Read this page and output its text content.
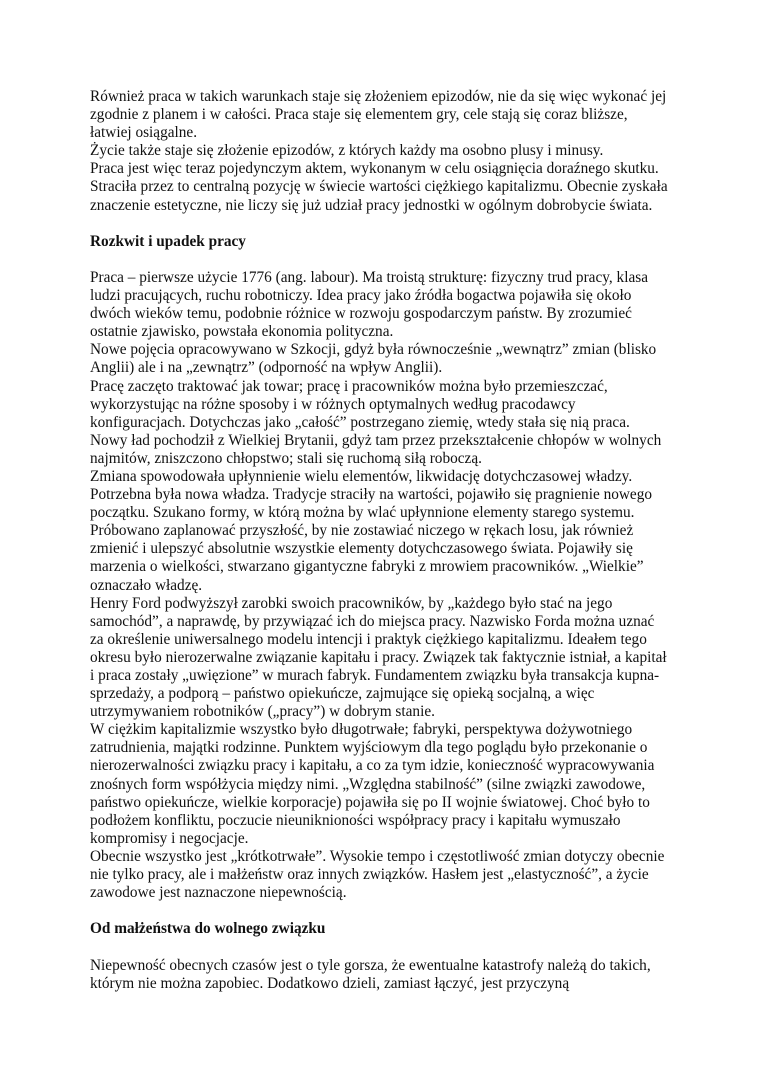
Również praca w takich warunkach staje się złożeniem epizodów, nie da się więc wykonać jej
zgodnie z planem i w całości. Praca staje się elementem gry, cele stają się coraz bliższe,
łatwiej osiągalne.
Życie także staje się złożenie epizodów, z których każdy ma osobno plusy i minusy.
Praca jest więc teraz pojedynczym aktem, wykonanym w celu osiągnięcia doraźnego skutku.
Straciła przez to centralną pozycję w świecie wartości ciężkiego kapitalizmu. Obecnie zyskała
znaczenie estetyczne, nie liczy się już udział pracy jednostki w ogólnym dobrobycie świata.
Rozkwit i upadek pracy
Praca – pierwsze użycie 1776 (ang. labour). Ma troistą strukturę: fizyczny trud pracy, klasa
ludzi pracujących, ruchu robotniczy. Idea pracy jako źródła bogactwa pojawiła się około
dwóch wieków temu, podobnie różnice w rozwoju gospodarczym państw. By zrozumieć
ostatnie zjawisko, powstała ekonomia polityczna.
Nowe pojęcia opracowywano w Szkocji, gdyż była równocześnie „wewnątrz” zmian (blisko
Anglii) ale i na „zewnątrz” (odporność na wpływ Anglii).
Pracę zaczęto traktować jak towar; pracę i pracowników można było przemieszczać,
wykorzystując na różne sposoby i w różnych optymalnych według pracodawcy
konfiguracjach. Dotychczas jako „całość” postrzegano ziemię, wtedy stała się nią praca.
Nowy ład pochodził z Wielkiej Brytanii, gdyż tam przez przekształcenie chłopów w wolnych
najmitów, zniszczono chłopstwo; stali się ruchomą siłą roboczą.
Zmiana spowodowała upłynnienie wielu elementów, likwidację dotychczasowej władzy.
Potrzebna była nowa władza. Tradycje straciły na wartości, pojawiło się pragnienie nowego
początku. Szukano formy, w którą można by wlać upłynnione elementy starego systemu.
Próbowano zaplanować przyszłość, by nie zostawiać niczego w rękach losu, jak również
zmienić i ulepszyć absolutnie wszystkie elementy dotychczasowego świata. Pojawiły się
marzenia o wielkości, stwarzano gigantyczne fabryki z mrowiem pracowników. „Wielkie”
oznaczało władzę.
Henry Ford podwyższył zarobki swoich pracowników, by „każdego było stać na jego
samochód”, a naprawdę, by przywiązać ich do miejsca pracy. Nazwisko Forda można uznać
za określenie uniwersalnego modelu intencji i praktyk ciężkiego kapitalizmu. Ideałem tego
okresu było nierozerwalne związanie kapitału i pracy. Związek tak faktycznie istniał, a kapitał
i praca zostały „uwięzione” w murach fabryk. Fundamentem związku była transakcja kupna-
sprzedaży, a podporą – państwo opiekuńcze, zajmujące się opieką socjalną, a więc
utrzymywaniem robotników („pracy”) w dobrym stanie.
W ciężkim kapitalizmie wszystko było długotrwałe; fabryki, perspektywa dożywotniego
zatrudnienia, majątki rodzinne. Punktem wyjściowym dla tego poglądu było przekonanie o
nierozerwalności związku pracy i kapitału, a co za tym idzie, konieczność wypracowywania
znośnych form współżycia między nimi. „Względna stabilność” (silne związki zawodowe,
państwo opiekuńcze, wielkie korporacje) pojawiła się po II wojnie światowej. Choć było to
podłożem konfliktu, poczucie nieuniknioności współpracy pracy i kapitału wymuszało
kompromisy i negocjacje.
Obecnie wszystko jest „krótkotrwałe”. Wysokie tempo i częstotliwość zmian dotyczy obecnie
nie tylko pracy, ale i małżeństw oraz innych związków. Hasłem jest „elastyczność”, a życie
zawodowe jest naznaczone niepewnością.
Od małżeństwa do wolnego związku
Niepewność obecnych czasów jest o tyle gorsza, że ewentualne katastrofy należą do takich,
którym nie można zapobiec. Dodatkowo dzieli, zamiast łączyć, jest przyczyną
